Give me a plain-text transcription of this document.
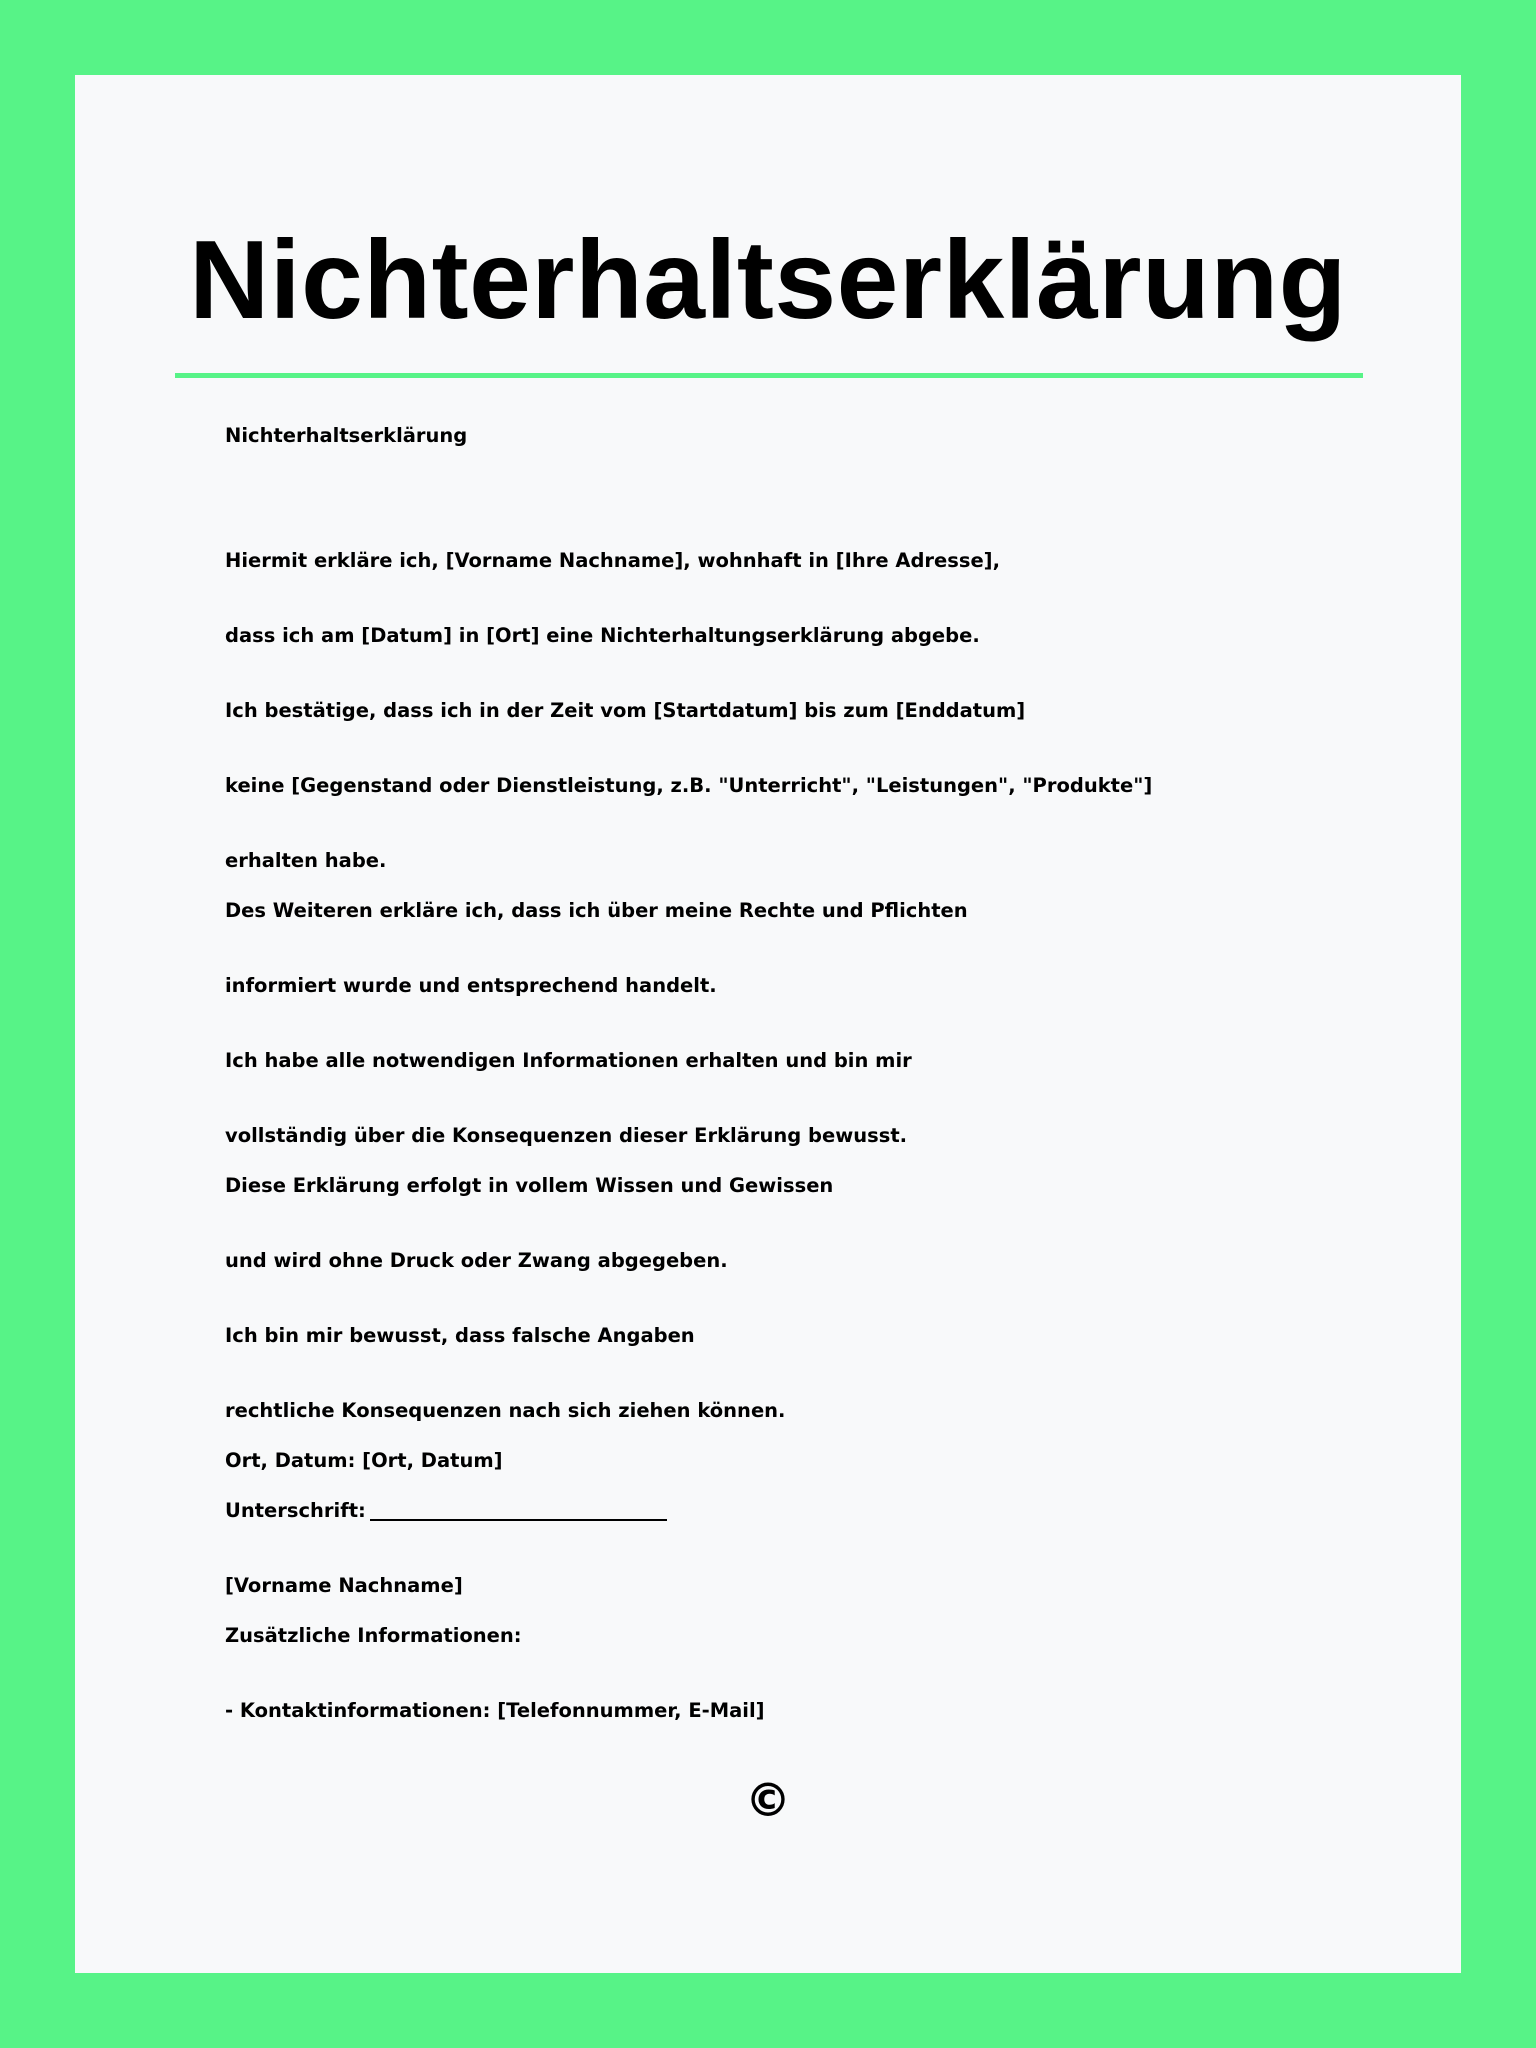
Nichterhaltserklärung
Nichterhaltserklärung
Hiermit erkläre ich, [Vorname Nachname], wohnhaft in [Ihre Adresse],
dass ich am [Datum] in [Ort] eine Nichterhaltungserklärung abgebe.
Ich bestätige, dass ich in der Zeit vom [Startdatum] bis zum [Enddatum]
keine [Gegenstand oder Dienstleistung, z.B. "Unterricht", "Leistungen", "Produkte"]
erhalten habe.
Des Weiteren erkläre ich, dass ich über meine Rechte und Pflichten
informiert wurde und entsprechend handelt.
Ich habe alle notwendigen Informationen erhalten und bin mir
vollständig über die Konsequenzen dieser Erklärung bewusst.
Diese Erklärung erfolgt in vollem Wissen und Gewissen
und wird ohne Druck oder Zwang abgegeben.
Ich bin mir bewusst, dass falsche Angaben
rechtliche Konsequenzen nach sich ziehen können.
Ort, Datum: [Ort, Datum]
Unterschrift:
[Vorname Nachname]
Zusätzliche Informationen:
- Kontaktinformationen: [Telefonnummer, E-Mail]
©
